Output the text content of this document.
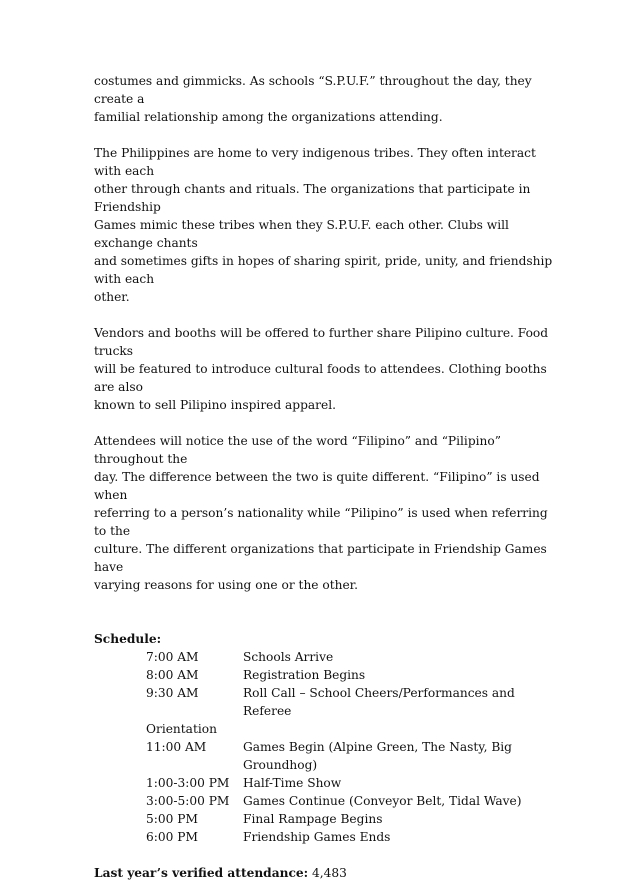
costumes and gimmicks. As schools “S.P.U.F.” throughout the day, they create a
familial relationship among the organizations attending.

The Philippines are home to very indigenous tribes. They often interact with each
other through chants and rituals. The organizations that participate in Friendship
Games mimic these tribes when they S.P.U.F. each other. Clubs will exchange chants
and sometimes gifts in hopes of sharing spirit, pride, unity, and friendship with each
other.

Vendors and booths will be offered to further share Pilipino culture. Food trucks
will be featured to introduce cultural foods to attendees. Clothing booths are also
known to sell Pilipino inspired apparel.

Attendees will notice the use of the word “Filipino” and “Pilipino” throughout the
day. The difference between the two is quite different. “Filipino” is used when
referring to a person’s nationality while “Pilipino” is used when referring to the
culture. The different organizations that participate in Friendship Games have
varying reasons for using one or the other.

Schedule:
7:00 AM	Schools Arrive
8:00 AM	Registration Begins
9:30 AM	Roll Call – School Cheers/Performances and Referee
Orientation	
11:00 AM	Games Begin (Alpine Green, The Nasty, Big Groundhog)
1:00-3:00 PM	Half-Time Show
3:00-5:00 PM	Games Continue (Conveyor Belt, Tidal Wave)
5:00 PM	Final Rampage Begins
6:00 PM	Friendship Games Ends

Last year’s verified attendance: 4,483
